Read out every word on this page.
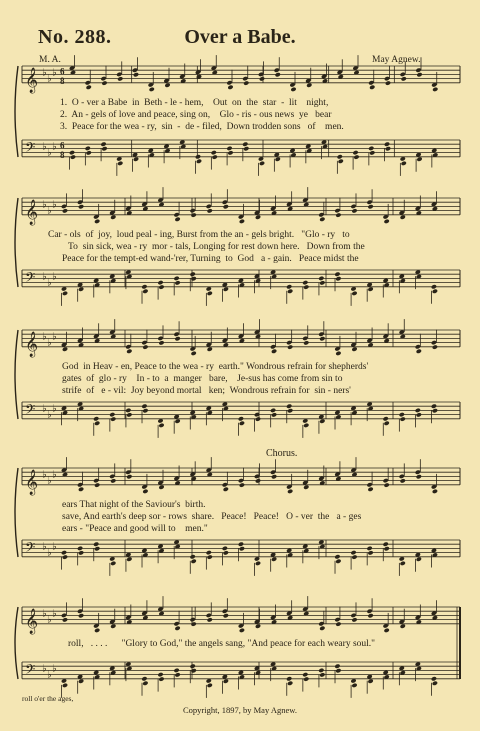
No. 288.	Over a Babe.
M. A.	May Agnew.
𝄞 ♭
♭
♭ 6
8
𝄢 ♭
♭
♭ 6
8
𝄞 ♭
♭
♭
𝄢 ♭
♭
♭
𝄞 ♭
♭
♭
𝄢 ♭
♭
♭
𝄞 ♭
♭
♭
𝄢 ♭
♭
♭
𝄞 ♭
♭
♭
𝄢 ♭
♭
♭
1.  O - ver a Babe  in  Beth - le - hem,    Out  on  the  star  -  lit    night,
2.  An - gels of love and peace, sing on,    Glo - ris - ous news  ye   bear
3.  Peace for the wea - ry,  sin  -  de - filed,  Down trodden sons   of    men.
Car - ols  of  joy,  loud peal - ing, Burst from the an - gels bright.   "Glo - ry   to
To  sin sick, wea - ry  mor - tals, Longing for rest down here.   Down from the
Peace for the tempt-ed wand-'rer, Turning  to  God   a - gain.   Peace midst the
God  in Heav - en, Peace to the wea - ry  earth." Wondrous refrain for shepherds'
gates  of  glo - ry    In - to  a  manger   bare,    Je-sus has come from sin to
strife  of   e - vil:  Joy beyond mortal   ken;  Wondrous refrain for  sin - ners'
Chorus.
ears That night of the Saviour's  birth.
save, And earth's deep sor - rows  share.   Peace!   Peace!   O - ver  the   a - ges
ears - "Peace and good will to    men."
roll,   . . . .      "Glory to God," the angels sang, "And peace for each weary soul."
roll o'er the ages,
Copyright, 1897, by May Agnew.
